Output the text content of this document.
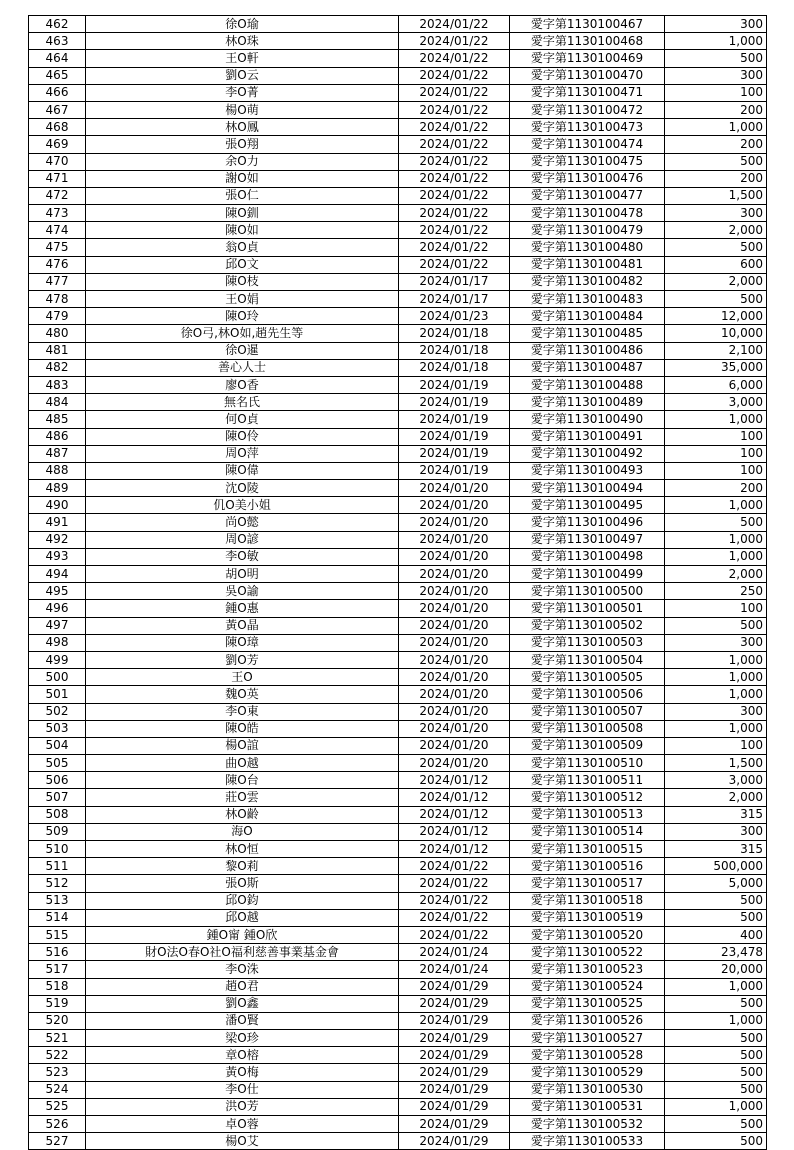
462	徐O瑜	2024/01/22	愛字第1130100467	300
463	林O珠	2024/01/22	愛字第1130100468	1,000
464	王O軒	2024/01/22	愛字第1130100469	500
465	劉O云	2024/01/22	愛字第1130100470	300
466	李O菁	2024/01/22	愛字第1130100471	100
467	楊O萌	2024/01/22	愛字第1130100472	200
468	林O鳳	2024/01/22	愛字第1130100473	1,000
469	張O翔	2024/01/22	愛字第1130100474	200
470	余O力	2024/01/22	愛字第1130100475	500
471	謝O如	2024/01/22	愛字第1130100476	200
472	張O仁	2024/01/22	愛字第1130100477	1,500
473	陳O釧	2024/01/22	愛字第1130100478	300
474	陳O如	2024/01/22	愛字第1130100479	2,000
475	翁O貞	2024/01/22	愛字第1130100480	500
476	邱O文	2024/01/22	愛字第1130100481	600
477	陳O枝	2024/01/17	愛字第1130100482	2,000
478	王O娟	2024/01/17	愛字第1130100483	500
479	陳O玲	2024/01/23	愛字第1130100484	12,000
480	徐O弓,林O如,趙先生等	2024/01/18	愛字第1130100485	10,000
481	徐O暹	2024/01/18	愛字第1130100486	2,100
482	善心人士	2024/01/18	愛字第1130100487	35,000
483	廖O香	2024/01/19	愛字第1130100488	6,000
484	無名氏	2024/01/19	愛字第1130100489	3,000
485	何O貞	2024/01/19	愛字第1130100490	1,000
486	陳O伶	2024/01/19	愛字第1130100491	100
487	周O萍	2024/01/19	愛字第1130100492	100
488	陳O偉	2024/01/19	愛字第1130100493	100
489	沈O陵	2024/01/20	愛字第1130100494	200
490	仉O美小姐	2024/01/20	愛字第1130100495	1,000
491	尚O懿	2024/01/20	愛字第1130100496	500
492	周O諺	2024/01/20	愛字第1130100497	1,000
493	李O敏	2024/01/20	愛字第1130100498	1,000
494	胡O明	2024/01/20	愛字第1130100499	2,000
495	吳O諭	2024/01/20	愛字第1130100500	250
496	鍾O惠	2024/01/20	愛字第1130100501	100
497	黃O晶	2024/01/20	愛字第1130100502	500
498	陳O璋	2024/01/20	愛字第1130100503	300
499	劉O芳	2024/01/20	愛字第1130100504	1,000
500	王O	2024/01/20	愛字第1130100505	1,000
501	魏O英	2024/01/20	愛字第1130100506	1,000
502	李O東	2024/01/20	愛字第1130100507	300
503	陳O皓	2024/01/20	愛字第1130100508	1,000
504	楊O誼	2024/01/20	愛字第1130100509	100
505	曲O越	2024/01/20	愛字第1130100510	1,500
506	陳O台	2024/01/12	愛字第1130100511	3,000
507	莊O雲	2024/01/12	愛字第1130100512	2,000
508	林O齡	2024/01/12	愛字第1130100513	315
509	海O	2024/01/12	愛字第1130100514	300
510	林O恒	2024/01/12	愛字第1130100515	315
511	黎O莉	2024/01/22	愛字第1130100516	500,000
512	張O斯	2024/01/22	愛字第1130100517	5,000
513	邱O鈞	2024/01/22	愛字第1130100518	500
514	邱O越	2024/01/22	愛字第1130100519	500
515	鍾O甯 鍾O欣	2024/01/22	愛字第1130100520	400
516	財O法O春O社O福利慈善事業基金會	2024/01/24	愛字第1130100522	23,478
517	李O洙	2024/01/24	愛字第1130100523	20,000
518	趙O君	2024/01/29	愛字第1130100524	1,000
519	劉O鑫	2024/01/29	愛字第1130100525	500
520	潘O賢	2024/01/29	愛字第1130100526	1,000
521	梁O珍	2024/01/29	愛字第1130100527	500
522	章O榕	2024/01/29	愛字第1130100528	500
523	黃O梅	2024/01/29	愛字第1130100529	500
524	李O仕	2024/01/29	愛字第1130100530	500
525	洪O芳	2024/01/29	愛字第1130100531	1,000
526	卓O蓉	2024/01/29	愛字第1130100532	500
527	楊O艾	2024/01/29	愛字第1130100533	500
